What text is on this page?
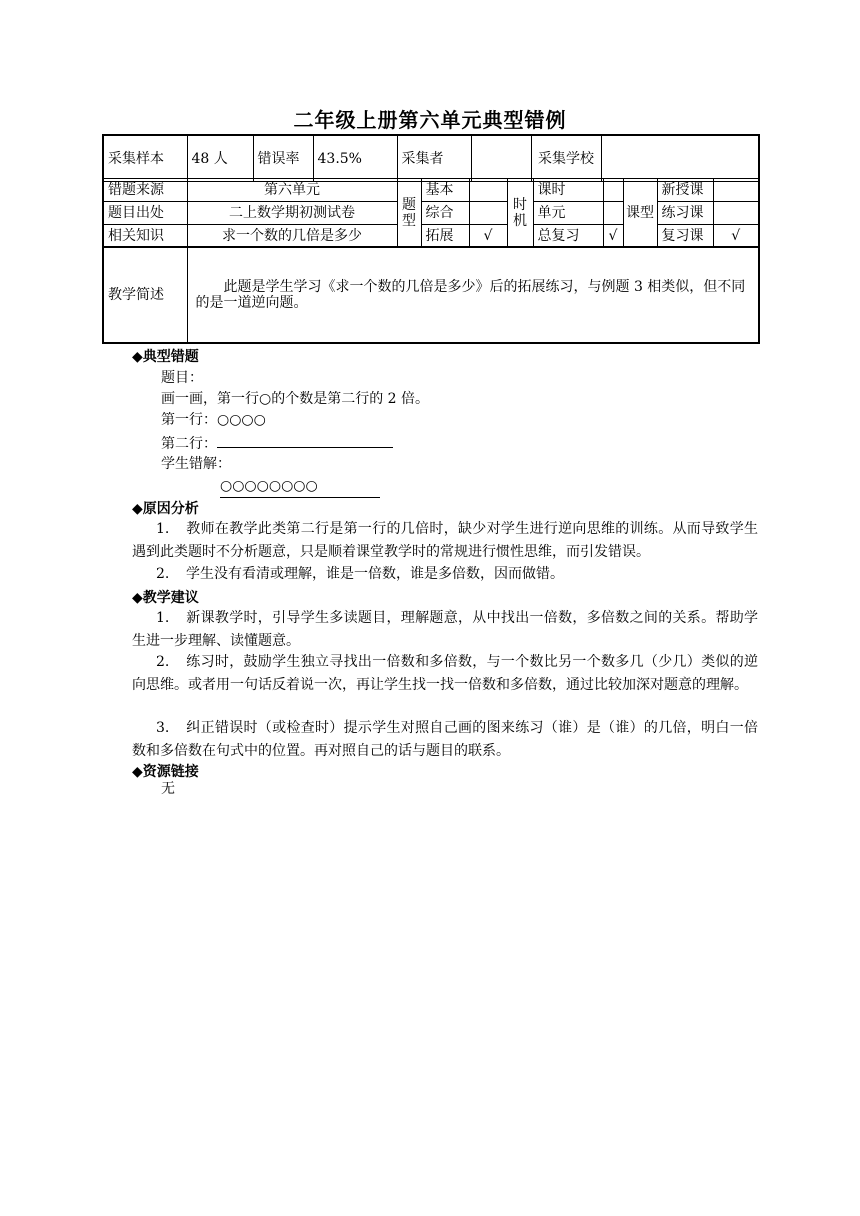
二年级上册第六单元典型错例
采集样本	48 人	错误率	43.5%	采集者		采集学校	
错题来源	第六单元	题型	基本		时机	课时		课型	新授课	
题目出处	二上数学期初测试卷		综合			单元			练习课	
相关知识	求一个数的几倍是多少		拓展	√		总复习	√		复习课	√
教学简述	此题是学生学习《求一个数的几倍是多少》后的拓展练习，与例题 3 相类似，但不同的是一道逆向题。
◆典型错题
题目：
画一画，第一行○的个数是第二行的 2 倍。
第一行：○○○○
第二行：
学生错解：
○○○○○○○○
◆原因分析
1. 教师在教学此类第二行是第一行的几倍时，缺少对学生进行逆向思维的训练。从而导致学生遇到此类题时不分析题意，只是顺着课堂教学时的常规进行惯性思维，而引发错误。
2. 学生没有看清或理解，谁是一倍数，谁是多倍数，因而做错。
◆教学建议
1. 新课教学时，引导学生多读题目，理解题意，从中找出一倍数，多倍数之间的关系。帮助学生进一步理解、读懂题意。
2. 练习时，鼓励学生独立寻找出一倍数和多倍数，与一个数比另一个数多几（少几）类似的逆向思维。或者用一句话反着说一次，再让学生找一找一倍数和多倍数，通过比较加深对题意的理解。
3. 纠正错误时（或检查时）提示学生对照自己画的图来练习（谁）是（谁）的几倍，明白一倍数和多倍数在句式中的位置。再对照自己的话与题目的联系。
◆资源链接
无
